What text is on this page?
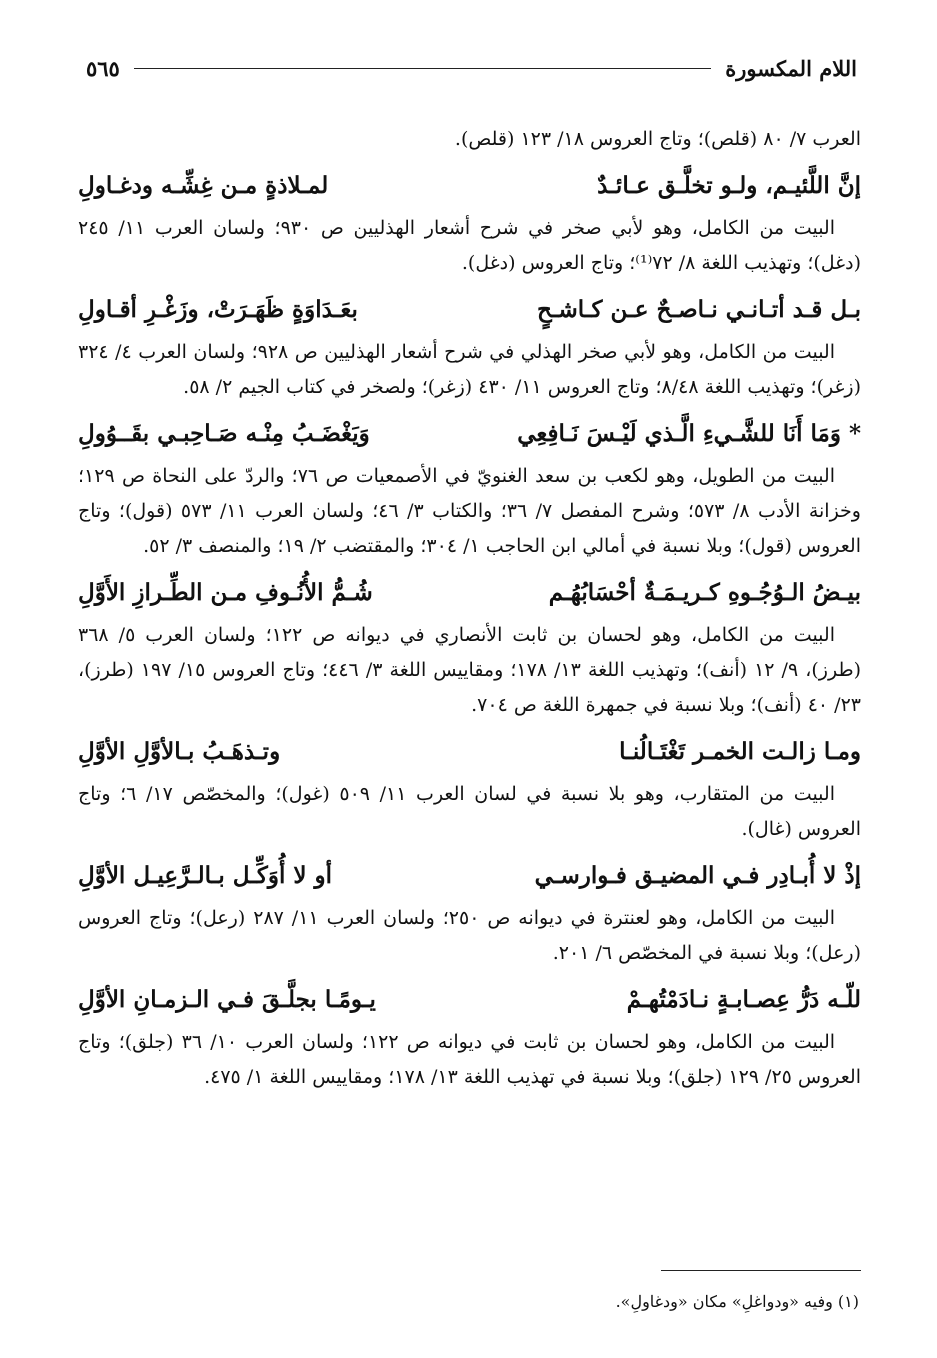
اللام المكسورة
٥٦٥

العرب ٧/ ٨٠ (قلص)؛ وتاج العروس ١٨/ ١٢٣ (قلص).

إنَّ اللَّئيـم، ولـو تخلَّـق عـائـدٌ
لمـلاذةٍ مـن غِشِّـه ودغـاولِ

البيت من الكامل، وهو لأبي صخر في شرح أشعار الهذليين ص ٩٣٠؛ ولسان العرب ١١/ ٢٤٥ (دغل)؛ وتهذيب اللغة ٨/ ٧٢⁽¹⁾؛ وتاج العروس (دغل).

بـل قـد أتـانـي نـاصـحٌ عـن كـاشـحٍ
بعَـدَاوَةٍ ظَهَـرَتْ، وزَغْـرِ أقـاولِ

البيت من الكامل، وهو لأبي صخر الهذلي في شرح أشعار الهذليين ص ٩٢٨؛ ولسان العرب ٤/ ٣٢٤ (زغر)؛ وتهذيب اللغة ٨/٤٨؛ وتاج العروس ١١/ ٤٣٠ (زغر)؛ ولصخر في كتاب الجيم ٢/ ٥٨.

* وَمَا أَنَا للشَّـيءِ الَّـذي لَيْـسَ نَـافِعِي
وَيَغْضَـبُ مِنْـه صَـاحِبـي بقَــوُولِ

البيت من الطويل، وهو لكعب بن سعد الغنويّ في الأصمعيات ص ٧٦؛ والردّ على النحاة ص ١٢٩؛ وخزانة الأدب ٨/ ٥٧٣؛ وشرح المفصل ٧/ ٣٦؛ والكتاب ٣/ ٤٦؛ ولسان العرب ١١/ ٥٧٣ (قول)؛ وتاج العروس (قول)؛ وبلا نسبة في أمالي ابن الحاجب ١/ ٣٠٤؛ والمقتضب ٢/ ١٩؛ والمنصف ٣/ ٥٢.

بيـضُ الـوُجُـوهِ كـريـمَـةٌ أحْسَابُهُـم
شُـمُّ الأُنُـوفِ مـن الطِّـرازِ الأَوَّلِ

البيت من الكامل، وهو لحسان بن ثابت الأنصاري في ديوانه ص ١٢٢؛ ولسان العرب ٥/ ٣٦٨ (طرز)، ٩/ ١٢ (أنف)؛ وتهذيب اللغة ١٣/ ١٧٨؛ ومقاييس اللغة ٣/ ٤٤٦؛ وتاج العروس ١٥/ ١٩٧ (طرز)، ٢٣/ ٤٠ (أنف)؛ وبلا نسبة في جمهرة اللغة ص ٧٠٤.

ومـا زالـت الخمـر تَغْتَـالُنـا
وتـذهَـبُ بـالأوَّلِ الأوَّلِ

البيت من المتقارب، وهو بلا نسبة في لسان العرب ١١/ ٥٠٩ (غول)؛ والمخصّص ١٧/ ٦؛ وتاج العروس (غال).

إذْ لا أُبـادِر فـي المضيـق فـوارسـي
أو لا أُوَكِّـل بـالـرَّعِيـل الأوَّلِ

البيت من الكامل، وهو لعنترة في ديوانه ص ٢٥٠؛ ولسان العرب ١١/ ٢٨٧ (رعل)؛ وتاج العروس (رعل)؛ وبلا نسبة في المخصّص ٦/ ٢٠١.

للّـه دَرُّ عِصـابـةٍ نـادَمْتُهـمْ
يـومًـا بجلَّـقَ فـي الـزمـانِ الأوَّلِ

البيت من الكامل، وهو لحسان بن ثابت في ديوانه ص ١٢٢؛ ولسان العرب ١٠/ ٣٦ (جلق)؛ وتاج العروس ٢٥/ ١٢٩ (جلق)؛ وبلا نسبة في تهذيب اللغة ١٣/ ١٧٨؛ ومقاييس اللغة ١/ ٤٧٥.

(١) وفيه «ودواغلِ» مكان «ودغاولِ».
